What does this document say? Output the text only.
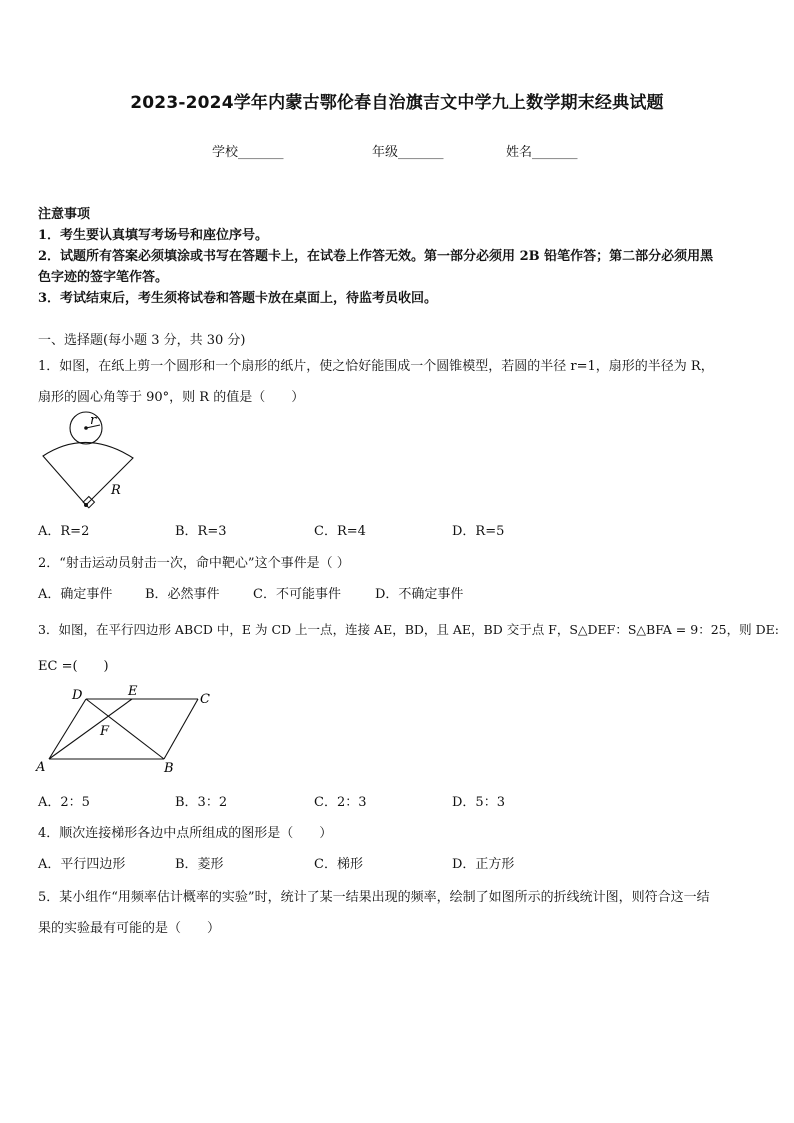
2023-2024学年内蒙古鄂伦春自治旗吉文中学九上数学期末经典试题
学校_______	年级_______	姓名_______
注意事项
1．考生要认真填写考场号和座位序号。
2．试题所有答案必须填涂或书写在答题卡上，在试卷上作答无效。第一部分必须用 2B 铅笔作答；第二部分必须用黑
色字迹的签字笔作答。
3．考试结束后，考生须将试卷和答题卡放在桌面上，待监考员收回。
一、选择题(每小题 3 分，共 30 分)
1．如图，在纸上剪一个圆形和一个扇形的纸片，使之恰好能围成一个圆锥模型，若圆的半径 r=1，扇形的半径为 R，
扇形的圆心角等于 90°，则 R 的值是（　　）
r
R
A．R=2	B．R=3	C．R=4	D．R=5
2．“射击运动员射击一次，命中靶心”这个事件是（ ）
A．确定事件	B．必然事件	C．不可能事件	D．不确定事件
3．如图，在平行四边形 ABCD 中，E 为 CD 上一点，连接 AE，BD，且 AE，BD 交于点 F，S△DEF：S△BFA = 9：25，则 DE:
EC =(　　)
D	E
C
F
A	B
A．2：5	B．3：2	C．2：3	D．5：3
4．顺次连接梯形各边中点所组成的图形是（　　）
A．平行四边形	B．菱形	C．梯形	D．正方形
5．某小组作“用频率估计概率的实验”时，统计了某一结果出现的频率，绘制了如图所示的折线统计图，则符合这一结
果的实验最有可能的是（　　）
